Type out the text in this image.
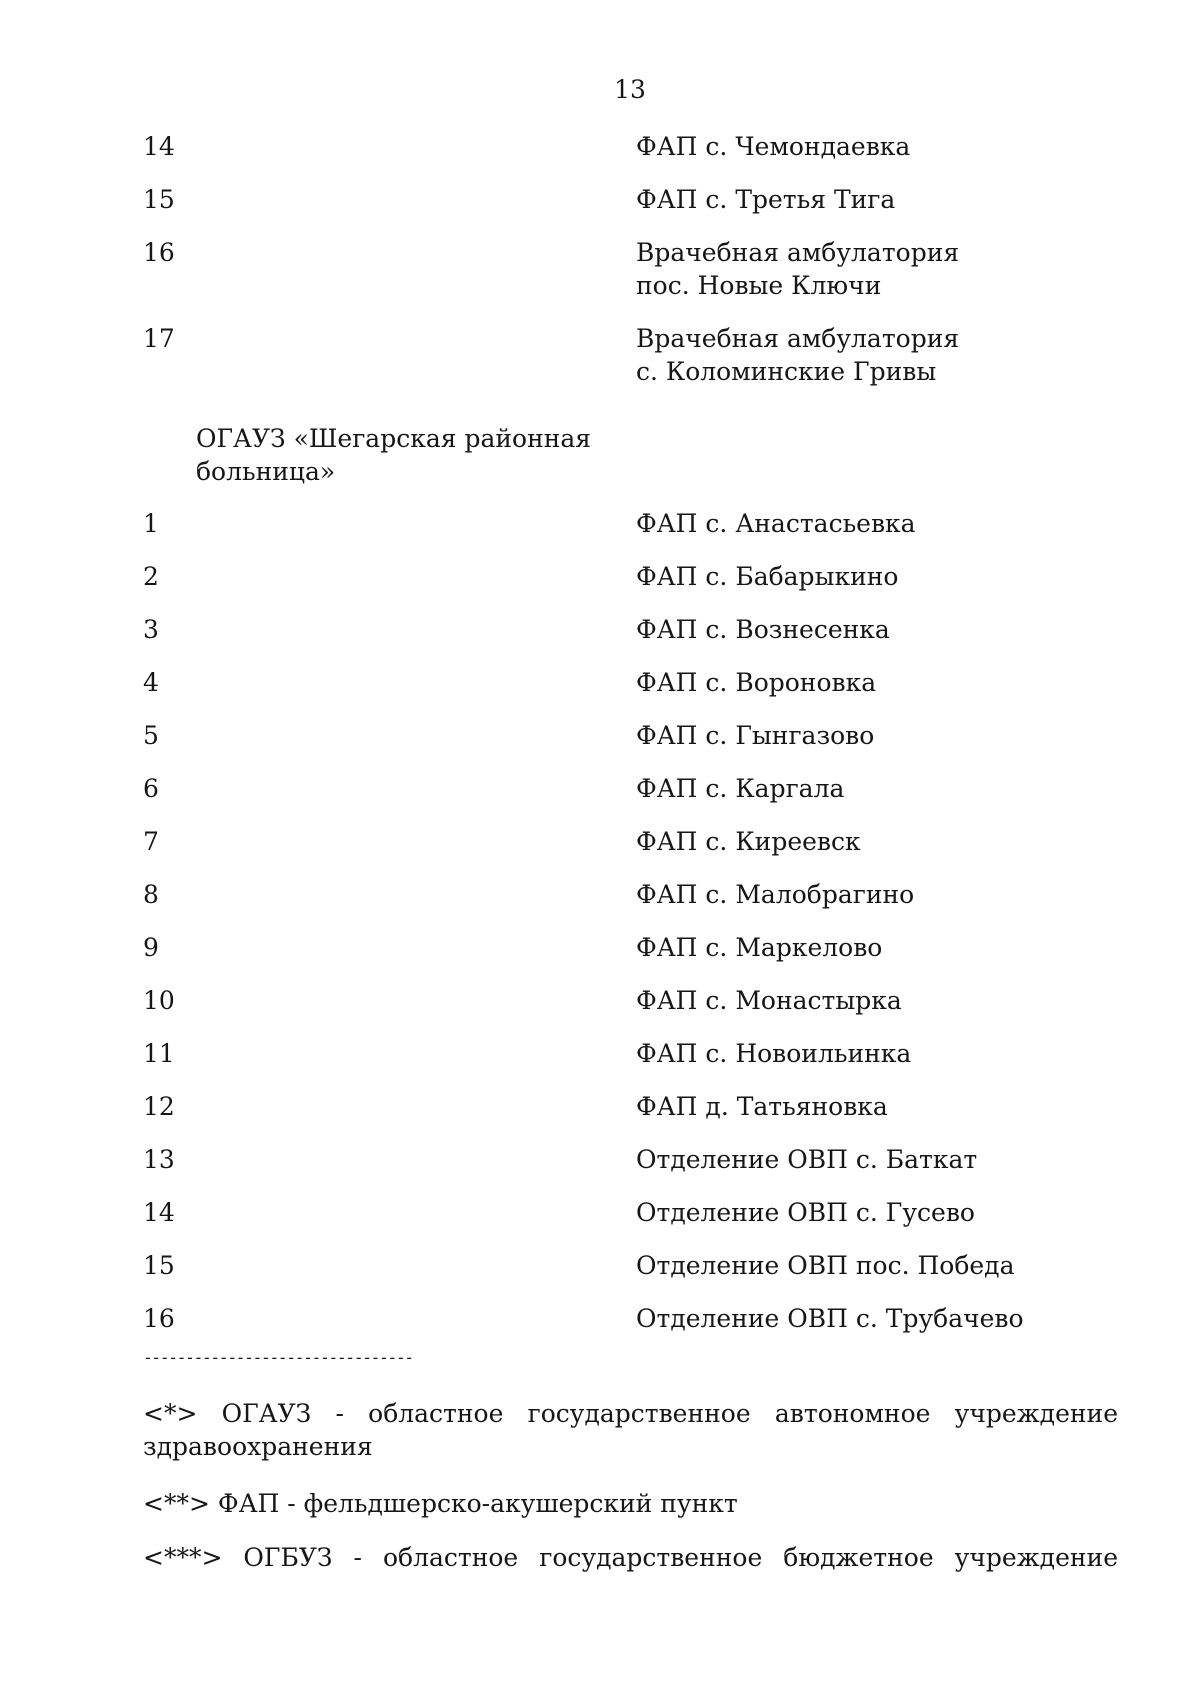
13
14	ФАП с. Чемондаевка
15	ФАП с. Третья Тига
16	Врачебная амбулатория пос. Новые Ключи
17	Врачебная амбулатория с. Коломинские Гривы
ОГАУЗ «Шегарская районная больница»
1	ФАП с. Анастасьевка
2	ФАП с. Бабарыкино
3	ФАП с. Вознесенка
4	ФАП с. Вороновка
5	ФАП с. Гынгазово
6	ФАП с. Каргала
7	ФАП с. Киреевск
8	ФАП с. Малобрагино
9	ФАП с. Маркелово
10	ФАП с. Монастырка
11	ФАП с. Новоильинка
12	ФАП д. Татьяновка
13	Отделение ОВП с. Баткат
14	Отделение ОВП с. Гусево
15	Отделение ОВП пос. Победа
16	Отделение ОВП с. Трубачево
--------------------------------
<*> ОГАУЗ - областное государственное автономное учреждение здравоохранения
<**> ФАП - фельдшерско-акушерский пункт
<***> ОГБУЗ - областное государственное бюджетное учреждение
